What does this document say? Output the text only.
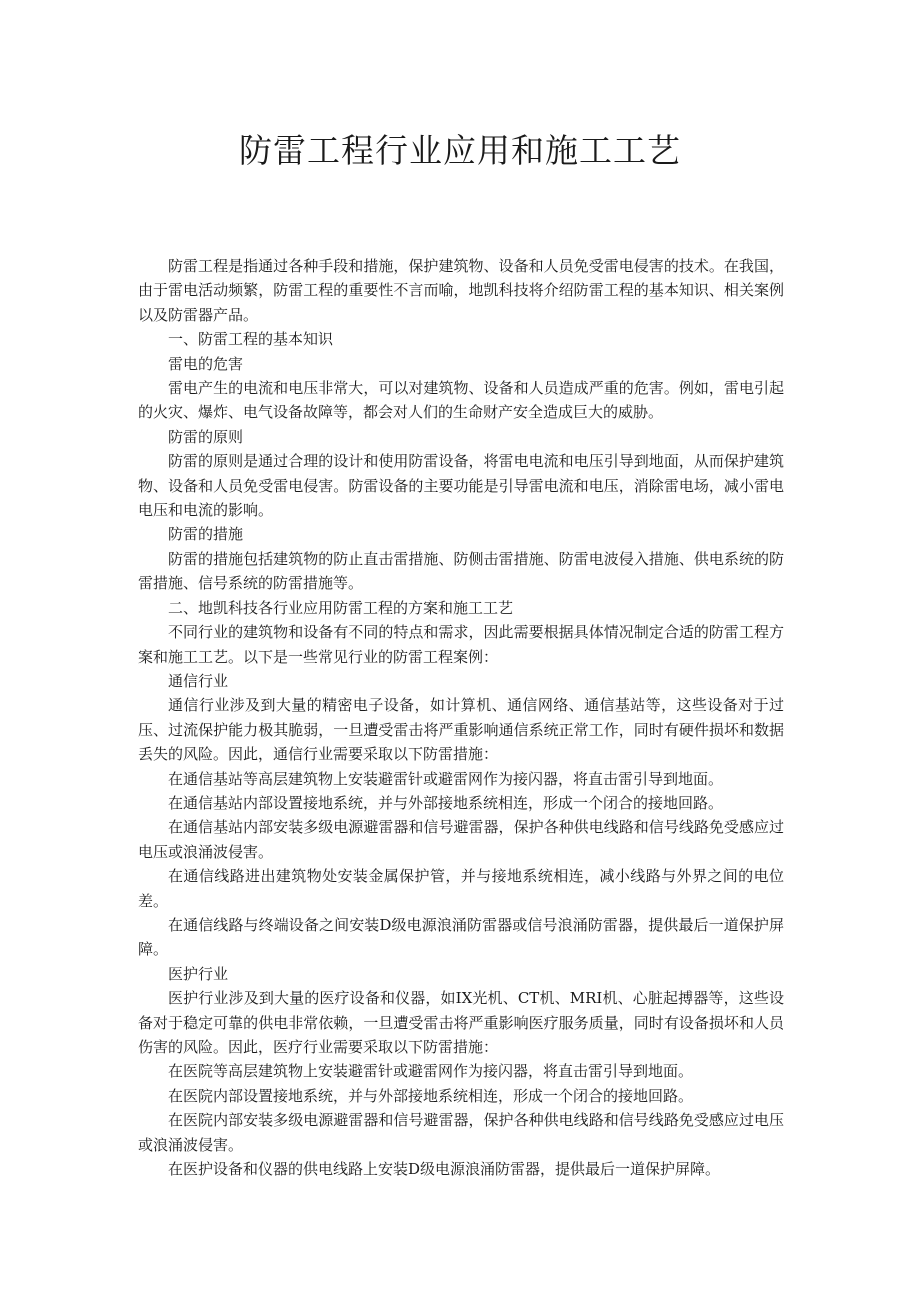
防雷工程行业应用和施工工艺

防雷工程是指通过各种手段和措施，保护建筑物、设备和人员免受雷电侵害的技术。在我国，由于雷电活动频繁，防雷工程的重要性不言而喻，地凯科技将介绍防雷工程的基本知识、相关案例以及防雷器产品。

一、防雷工程的基本知识

雷电的危害

雷电产生的电流和电压非常大，可以对建筑物、设备和人员造成严重的危害。例如，雷电引起的火灾、爆炸、电气设备故障等，都会对人们的生命财产安全造成巨大的威胁。

防雷的原则

防雷的原则是通过合理的设计和使用防雷设备，将雷电电流和电压引导到地面，从而保护建筑物、设备和人员免受雷电侵害。防雷设备的主要功能是引导雷电流和电压，消除雷电场，减小雷电电压和电流的影响。

防雷的措施

防雷的措施包括建筑物的防止直击雷措施、防侧击雷措施、防雷电波侵入措施、供电系统的防雷措施、信号系统的防雷措施等。

二、地凯科技各行业应用防雷工程的方案和施工工艺

不同行业的建筑物和设备有不同的特点和需求，因此需要根据具体情况制定合适的防雷工程方案和施工工艺。以下是一些常见行业的防雷工程案例：

通信行业

通信行业涉及到大量的精密电子设备，如计算机、通信网络、通信基站等，这些设备对于过压、过流保护能力极其脆弱，一旦遭受雷击将严重影响通信系统正常工作，同时有硬件损坏和数据丢失的风险。因此，通信行业需要采取以下防雷措施：

在通信基站等高层建筑物上安装避雷针或避雷网作为接闪器，将直击雷引导到地面。

在通信基站内部设置接地系统，并与外部接地系统相连，形成一个闭合的接地回路。

在通信基站内部安装多级电源避雷器和信号避雷器，保护各种供电线路和信号线路免受感应过电压或浪涌波侵害。

在通信线路进出建筑物处安装金属保护管，并与接地系统相连，减小线路与外界之间的电位差。

在通信线路与终端设备之间安装D级电源浪涌防雷器或信号浪涌防雷器，提供最后一道保护屏障。

医护行业

医护行业涉及到大量的医疗设备和仪器，如IX光机、CT机、MRI机、心脏起搏器等，这些设备对于稳定可靠的供电非常依赖，一旦遭受雷击将严重影响医疗服务质量，同时有设备损坏和人员伤害的风险。因此，医疗行业需要采取以下防雷措施：

在医院等高层建筑物上安装避雷针或避雷网作为接闪器，将直击雷引导到地面。

在医院内部设置接地系统，并与外部接地系统相连，形成一个闭合的接地回路。

在医院内部安装多级电源避雷器和信号避雷器，保护各种供电线路和信号线路免受感应过电压或浪涌波侵害。

在医护设备和仪器的供电线路上安装D级电源浪涌防雷器，提供最后一道保护屏障。
